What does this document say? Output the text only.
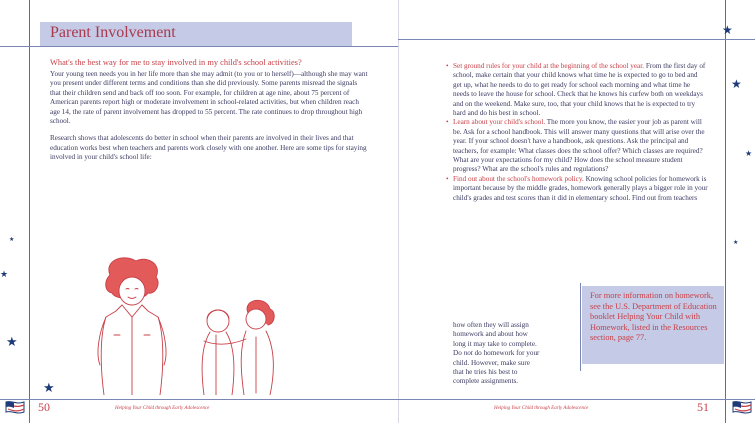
★
★
★
★
★
★
★
★
Parent Involvement
What's the best way for me to stay involved in my child's school activities?
Your young teen needs you in her life more than she may admit (to you or to herself)—although she may want you present under different terms and conditions than she did previously. Some parents misread the signals that their children send and back off too soon. For example, for children at age nine, about 75 percent of American parents report high or moderate involvement in school-related activities, but when children reach age 14, the rate of parent involvement has dropped to 55 percent. The rate continues to drop throughout high school.
Research shows that adolescents do better in school when their parents are involved in their lives and that education works best when teachers and parents work closely with one another. Here are some tips for staying involved in your child's school life:
50	Helping Your Child through Early Adolescence
• Set ground rules for your child at the beginning of the school year. From the first day of school, make certain that your child knows what time he is expected to go to bed and get up, what he needs to do to get ready for school each morning and what time he needs to leave the house for school. Check that he knows his curfew both on weekdays and on the weekend. Make sure, too, that your child knows that he is expected to try hard and do his best in school.
• Learn about your child's school. The more you know, the easier your job as parent will be. Ask for a school handbook. This will answer many questions that will arise over the year. If your school doesn't have a handbook, ask questions. Ask the principal and teachers, for example: What classes does the school offer? Which classes are required? What are your expectations for my child? How does the school measure student progress? What are the school's rules and regulations?
• Find out about the school's homework policy. Knowing school policies for homework is important because by the middle grades, homework generally plays a bigger role in your child's grades and test scores than it did in elementary school. Find out from teachers
how often they will assign
homework and about how
long it may take to complete.
Do not do homework for your
child. However, make sure
that he tries his best to
complete assignments.
For more information on homework, see the U.S. Department of Education booklet Helping Your Child with Homework, listed in the Resources section, page 77.
Helping Your Child through Early Adolescence	51
